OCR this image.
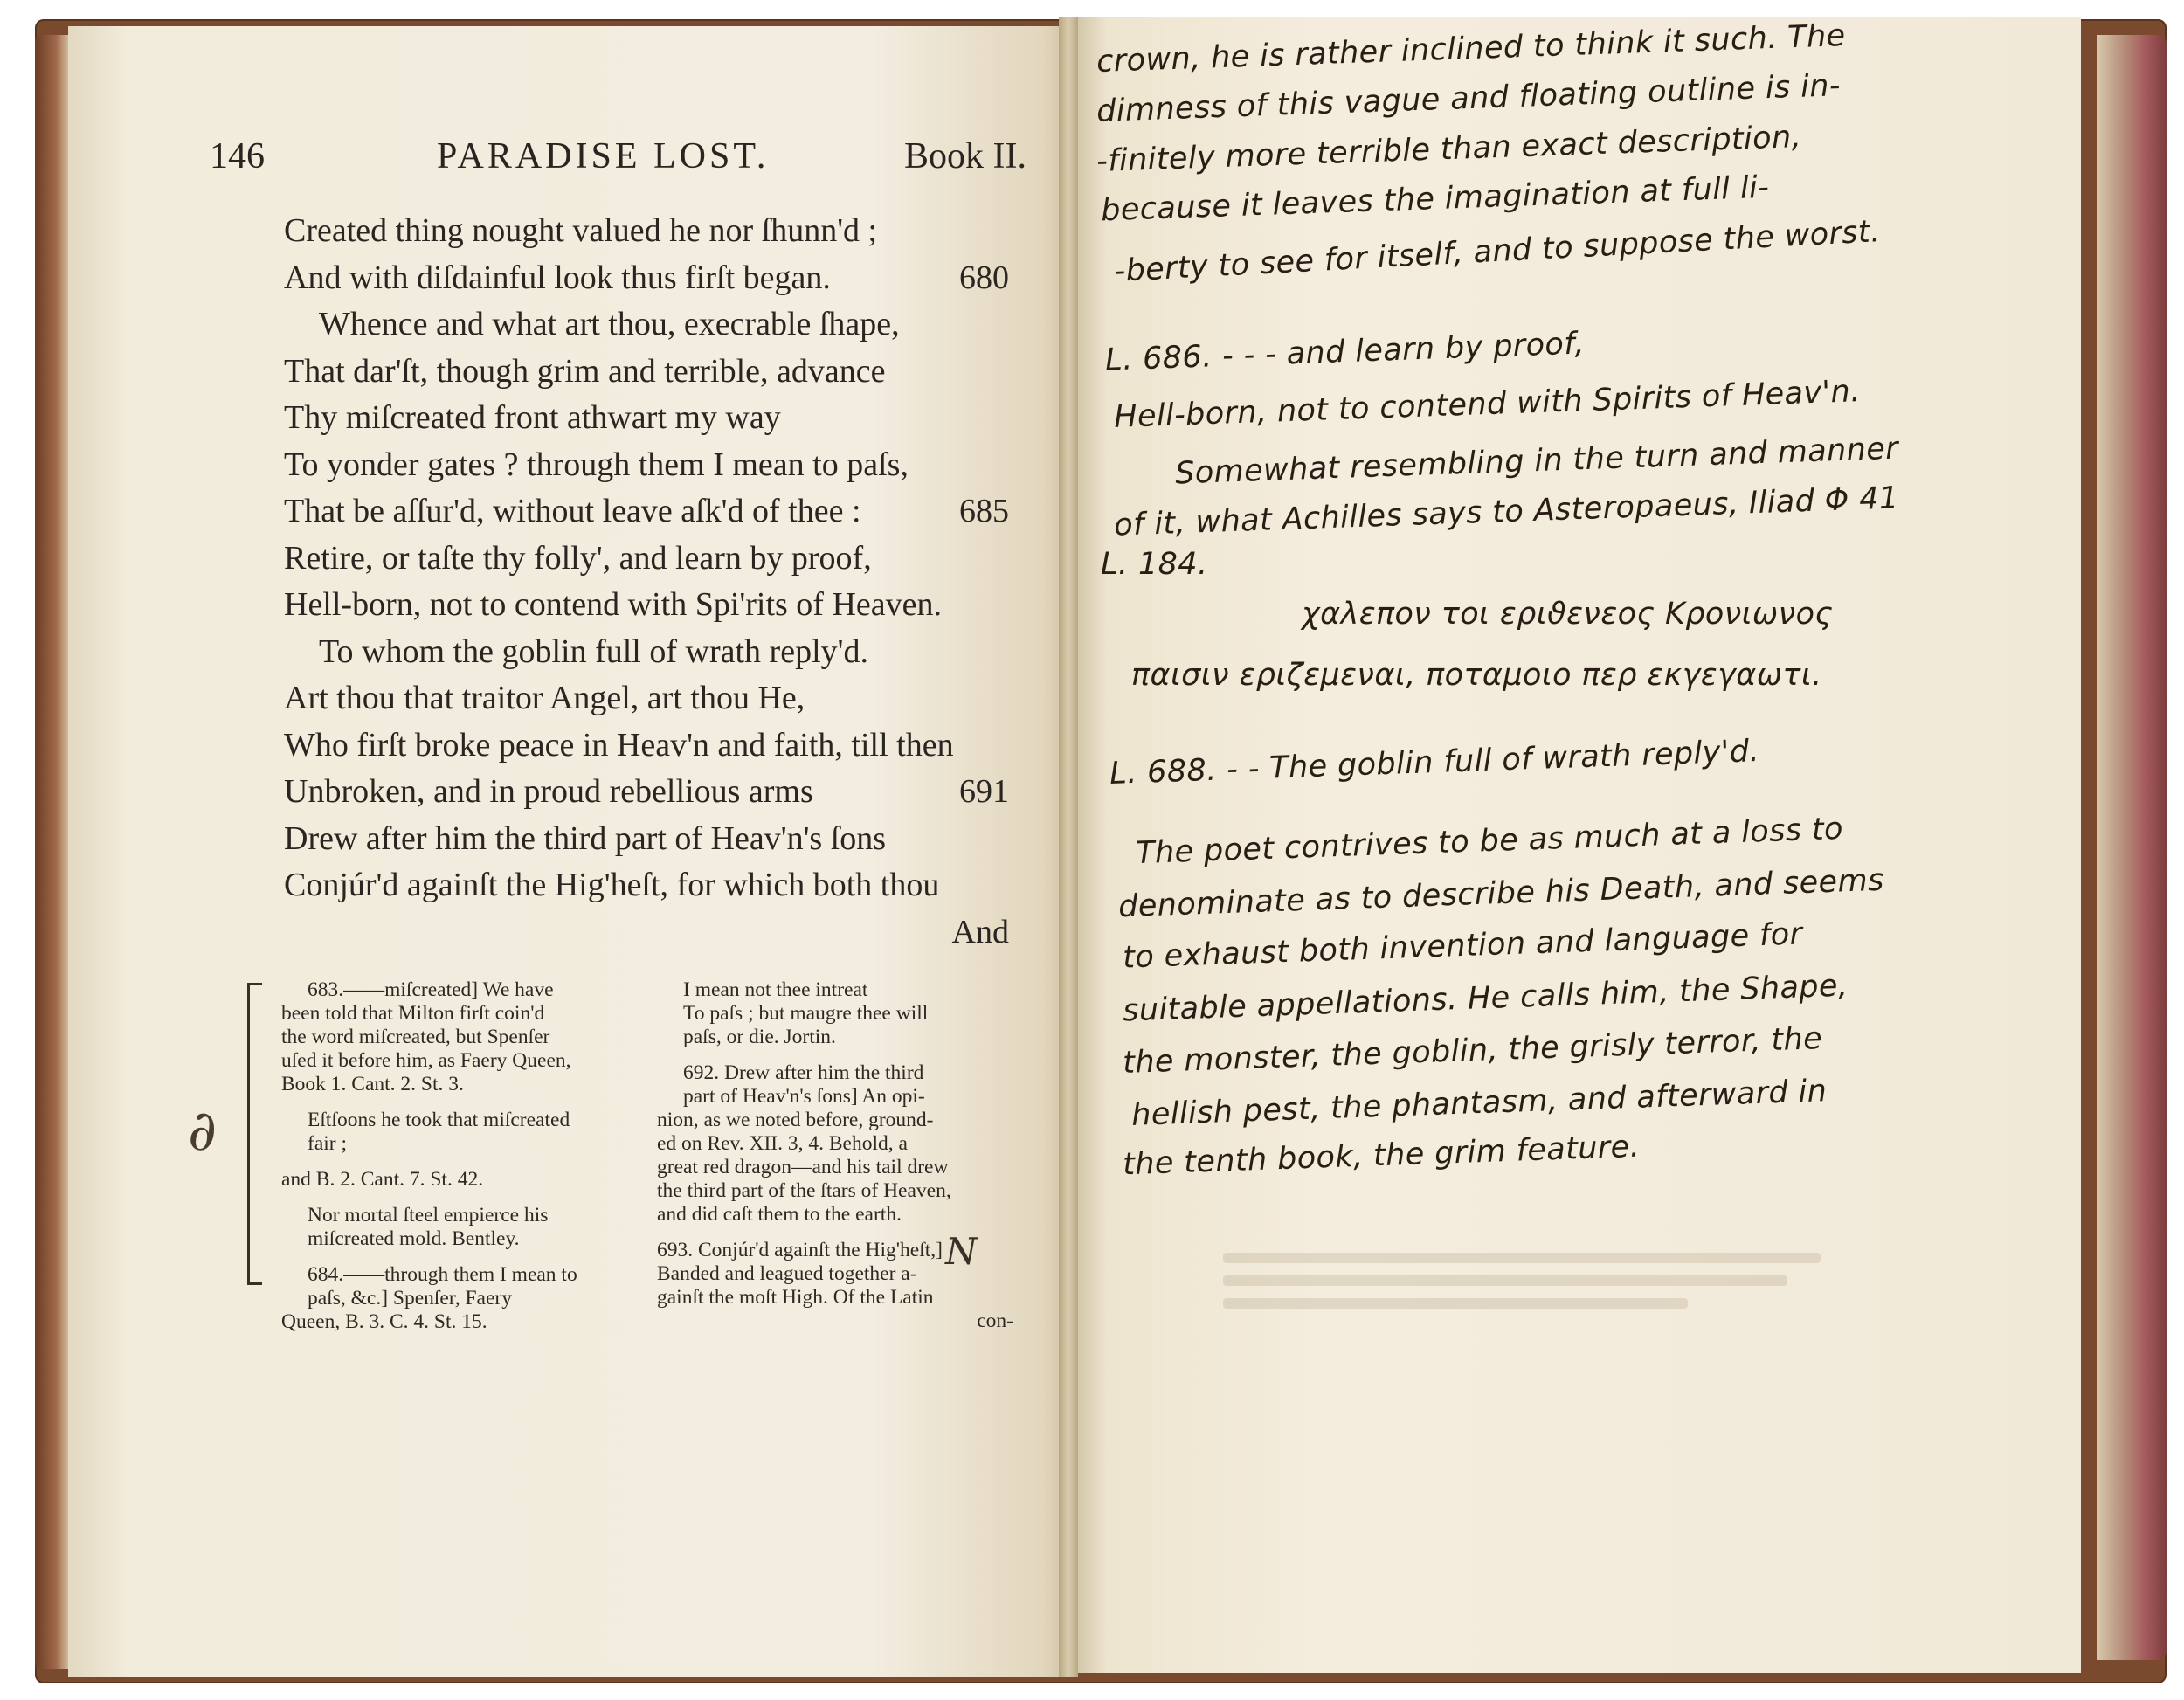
146	PARADISE LOST.	Book II.
Created thing nought valued he nor ſhunn'd ;
And with diſdainful look thus firſt began.	680
Whence and what art thou, execrable ſhape,
That dar'ſt, though grim and terrible, advance
Thy miſcreated front athwart my way
To yonder gates ? through them I mean to paſs,
That be aſſur'd, without leave aſk'd of thee :	685
Retire, or taſte thy folly', and learn by proof,
Hell-born, not to contend with Spi'rits of Heaven.
To whom the goblin full of wrath reply'd.
Art thou that traitor Angel, art thou He,
Who firſt broke peace in Heav'n and faith, till then
Unbroken, and in proud rebellious arms	691
Drew after him the third part of Heav'n's ſons
Conjúr'd againſt the Hig'heſt, for which both thou
And
∂
683.——miſcreated] We have
been told that Milton firſt coin'd
the word miſcreated, but Spenſer
uſed it before him, as Faery Queen,
Book 1. Cant. 2. St. 3.
Eſtſoons he took that miſcreated
fair ;
and B. 2. Cant. 7. St. 42.
Nor mortal ſteel empierce his
miſcreated mold. Bentley.
684.——through them I mean to
paſs, &c.] Spenſer, Faery
Queen, B. 3. C. 4. St. 15.
I mean not thee intreat
To paſs ; but maugre thee will
paſs, or die. Jortin.
692. Drew after him the third
part of Heav'n's ſons] An opi-
nion, as we noted before, ground-
ed on Rev. XII. 3, 4. Behold, a
great red dragon—and his tail drew
the third part of the ſtars of Heaven,
and did caſt them to the earth.
693. Conjúr'd againſt the Hig'heſt,]
Banded and leagued together a-
gainſt the moſt High. Of the Latin
con-
N
crown, he is rather inclined to think it such. The
dimness of this vague and floating outline is in-
-finitely more terrible than exact description,
because it leaves the imagination at full li-
-berty to see for itself, and to suppose the worst.
L. 686. - - - and learn by proof,
Hell-born, not to contend with Spirits of Heav'n.
Somewhat resembling in the turn and manner
of it, what Achilles says to Asteropaeus, Iliad Φ 41
L. 184.
χαλεπον τοι εριϑενεος Κρονιωνος
παισιν εριζεμεναι, ποταμοιο περ εκγεγαωτι.
L. 688. - - The goblin full of wrath reply'd.
The poet contrives to be as much at a loss to
denominate as to describe his Death, and seems
to exhaust both invention and language for
suitable appellations. He calls him, the Shape,
the monster, the goblin, the grisly terror, the
hellish pest, the phantasm, and afterward in
the tenth book, the grim feature.
